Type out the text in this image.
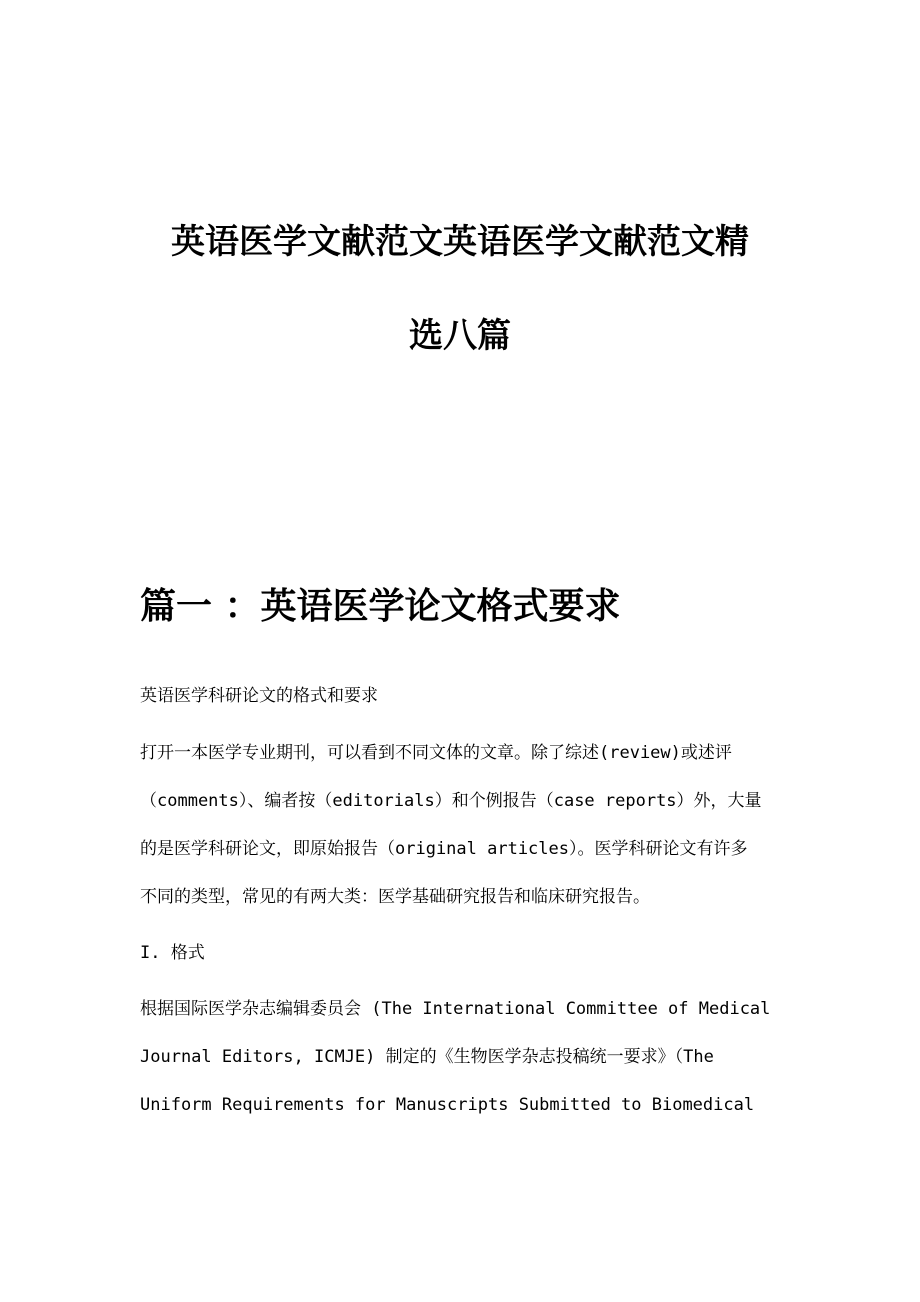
英语医学文献范文英语医学文献范文精
选八篇
篇一 ：英语医学论文格式要求
英语医学科研论文的格式和要求
打开一本医学专业期刊，可以看到不同文体的文章。除了综述(review)或述评
（comments）、编者按（editorials）和个例报告（case reports）外，大量
的是医学科研论文，即原始报告（original articles）。医学科研论文有许多
不同的类型，常见的有两大类：医学基础研究报告和临床研究报告。
I. 格式
根据国际医学杂志编辑委员会 (The International Committee of Medical
Journal Editors, ICMJE) 制定的《生物医学杂志投稿统一要求》（The
Uniform Requirements for Manuscripts Submitted to Biomedical
